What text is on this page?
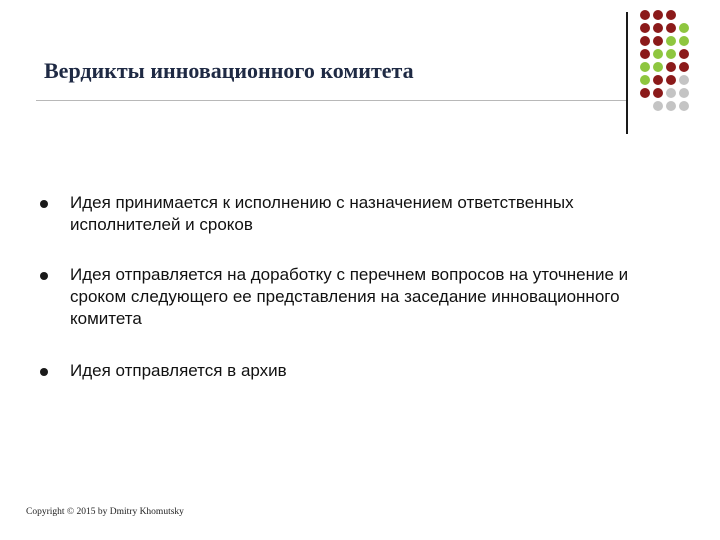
Вердикты инновационного комитета
Идея принимается к исполнению с назначением ответственных исполнителей и сроков
Идея отправляется на доработку с перечнем вопросов на уточнение и сроком следующего ее представления на заседание инновационного комитета
Идея отправляется в архив
Copyright © 2015 by Dmitry Khomutsky
